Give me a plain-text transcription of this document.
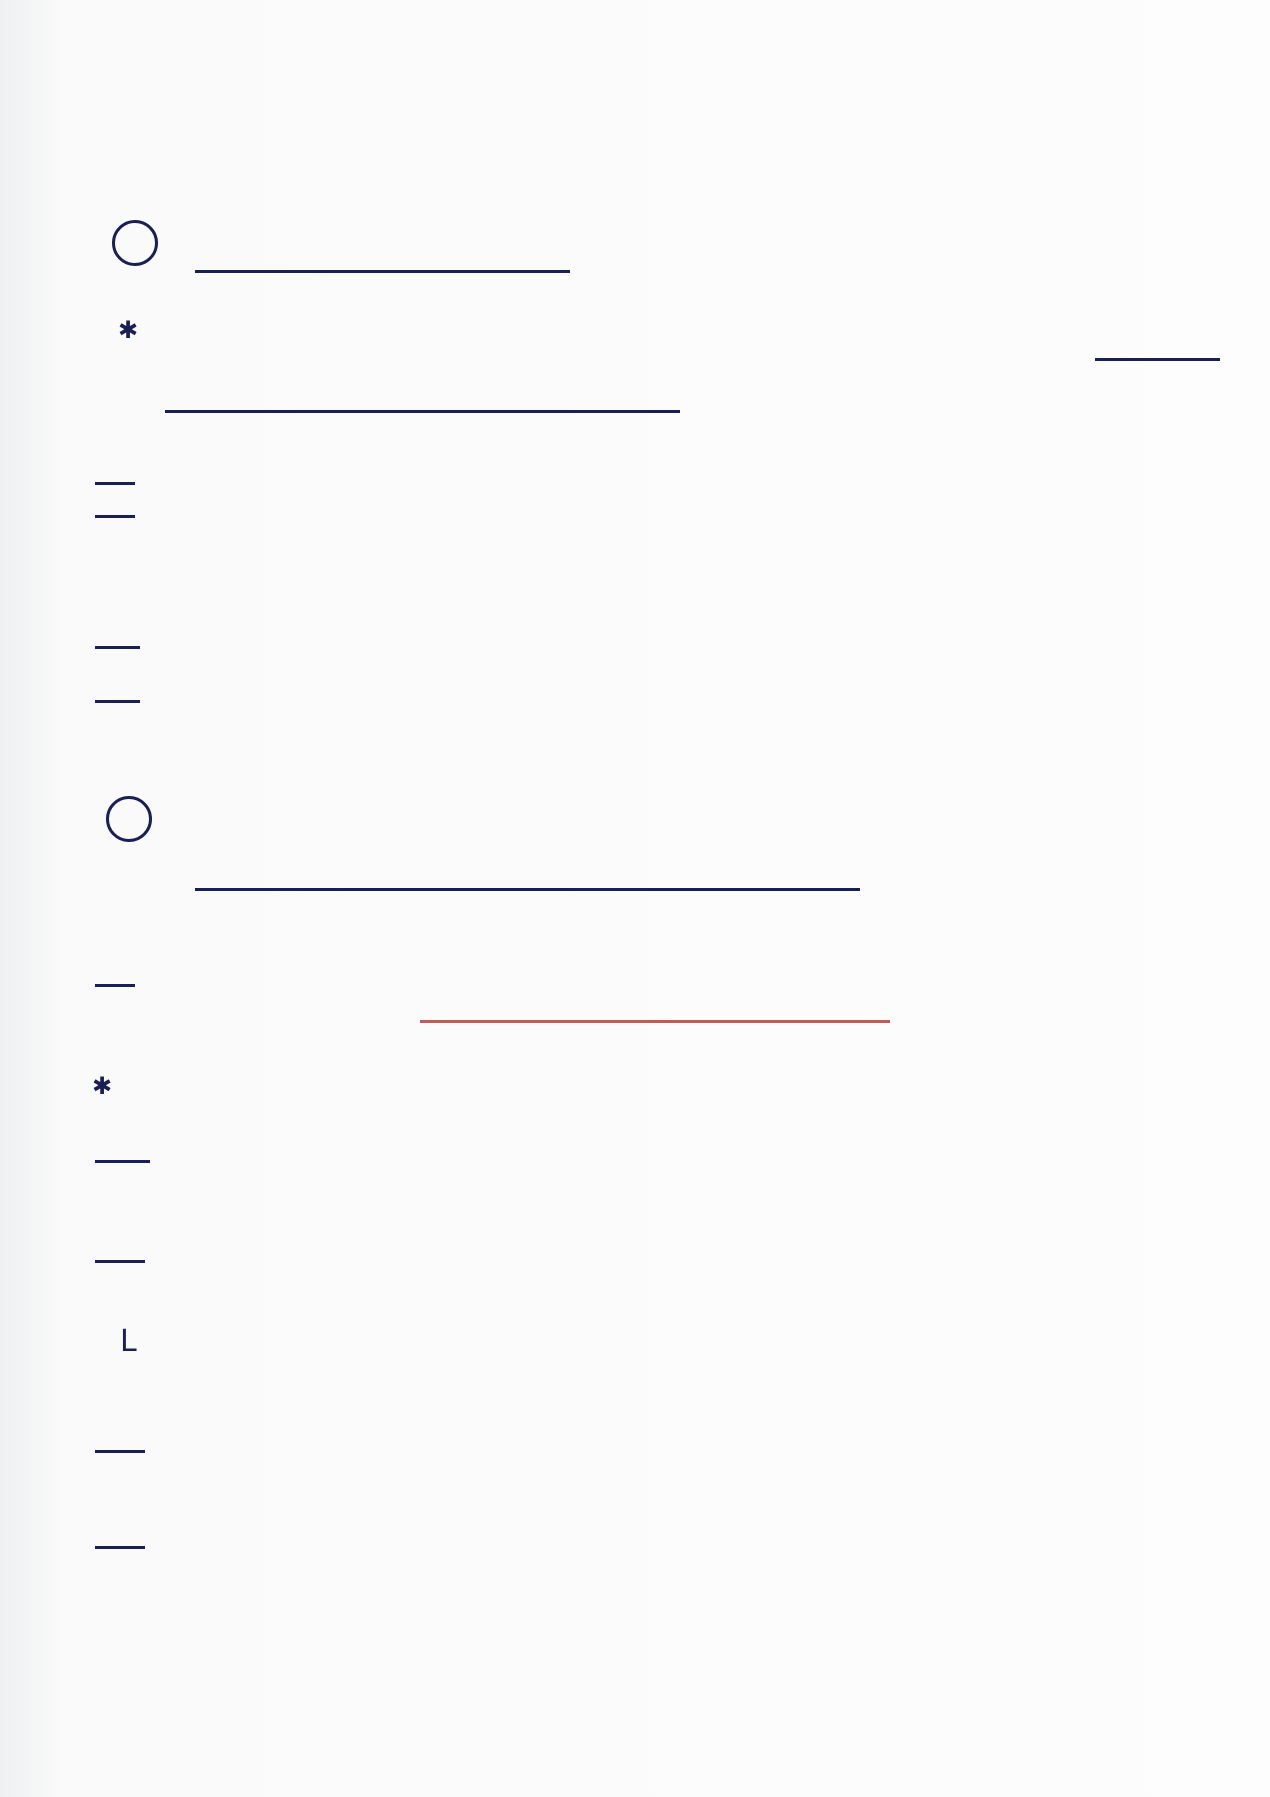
✱
✱
L
